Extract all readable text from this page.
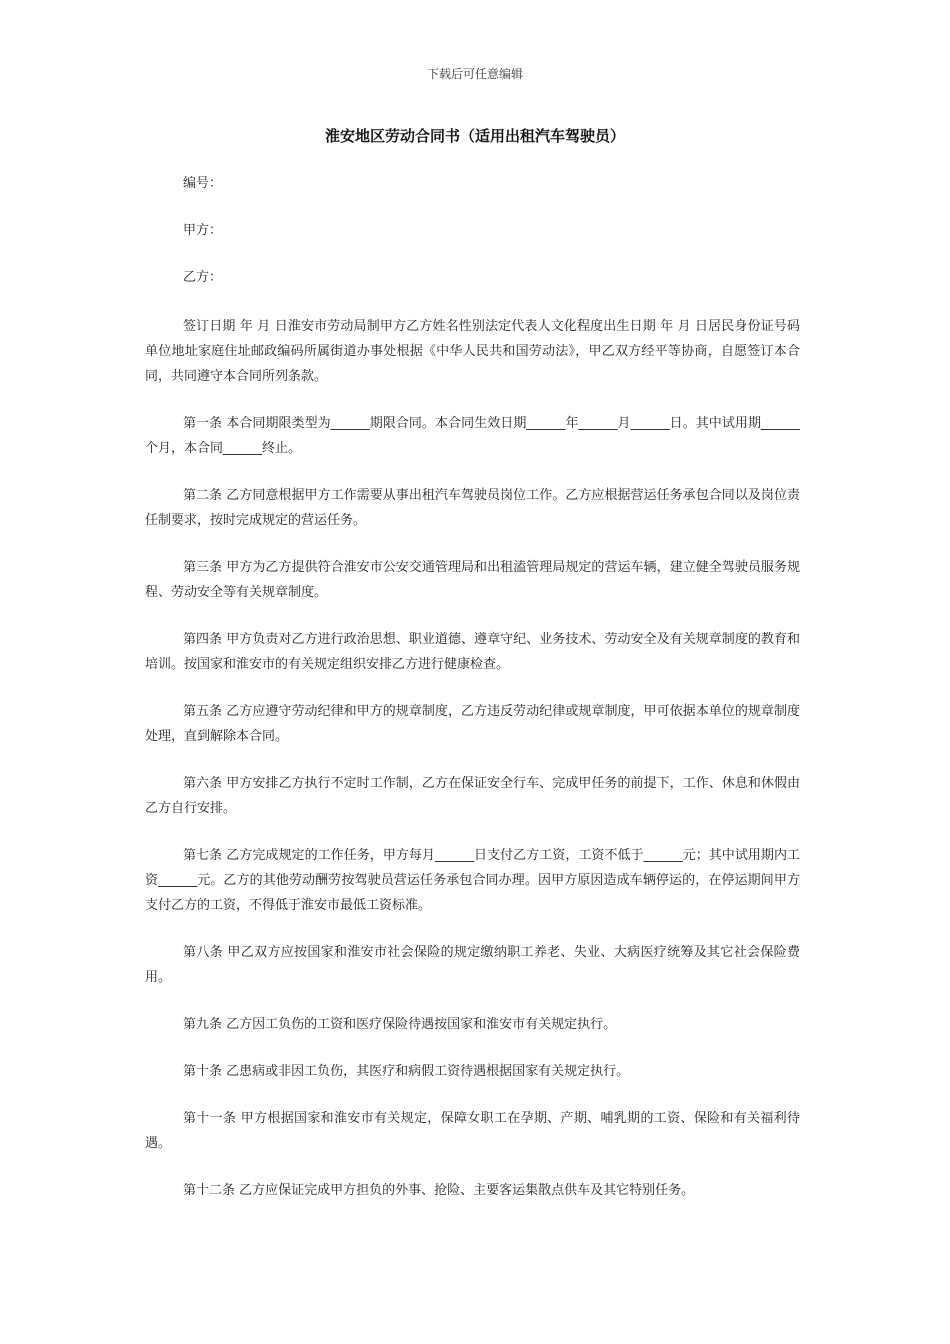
下载后可任意编辑
淮安地区劳动合同书（适用出租汽车驾驶员）
编号：
甲方：
乙方：

签订日期 年 月 日淮安市劳动局制甲方乙方姓名性别法定代表人文化程度出生日期 年 月 日居民身份证号码单位地址家庭住址邮政编码所属街道办事处根据《中华人民共和国劳动法》，甲乙双方经平等协商，自愿签订本合同，共同遵守本合同所列条款。

第一条 本合同期限类型为______期限合同。本合同生效日期______年______月______日。其中试用期______个月，本合同______终止。

第二条 乙方同意根据甲方工作需要从事出租汽车驾驶员岗位工作。乙方应根据营运任务承包合同以及岗位责任制要求，按时完成规定的营运任务。

第三条 甲方为乙方提供符合淮安市公安交通管理局和出租溘管理局规定的营运车辆，建立健全驾驶员服务规程、劳动安全等有关规章制度。

第四条 甲方负责对乙方进行政治思想、职业道德、遵章守纪、业务技术、劳动安全及有关规章制度的教育和培训。按国家和淮安市的有关规定组织安排乙方进行健康检查。

第五条 乙方应遵守劳动纪律和甲方的规章制度，乙方违反劳动纪律或规章制度，甲可依据本单位的规章制度处理，直到解除本合同。

第六条 甲方安排乙方执行不定时工作制，乙方在保证安全行车、完成甲任务的前提下，工作、休息和休假由乙方自行安排。

第七条 乙方完成规定的工作任务，甲方每月______日支付乙方工资，工资不低于______元；其中试用期内工资______元。乙方的其他劳动酬劳按驾驶员营运任务承包合同办理。因甲方原因造成车辆停运的，在停运期间甲方支付乙方的工资，不得低于淮安市最低工资标准。

第八条 甲乙双方应按国家和淮安市社会保险的规定缴纳职工养老、失业、大病医疗统筹及其它社会保险费用。

第九条 乙方因工负伤的工资和医疗保险待遇按国家和淮安市有关规定执行。

第十条 乙患病或非因工负伤，其医疗和病假工资待遇根据国家有关规定执行。

第十一条 甲方根据国家和淮安市有关规定，保障女职工在孕期、产期、哺乳期的工资、保险和有关福利待遇。

第十二条 乙方应保证完成甲方担负的外事、抢险、主要客运集散点供车及其它特别任务。
